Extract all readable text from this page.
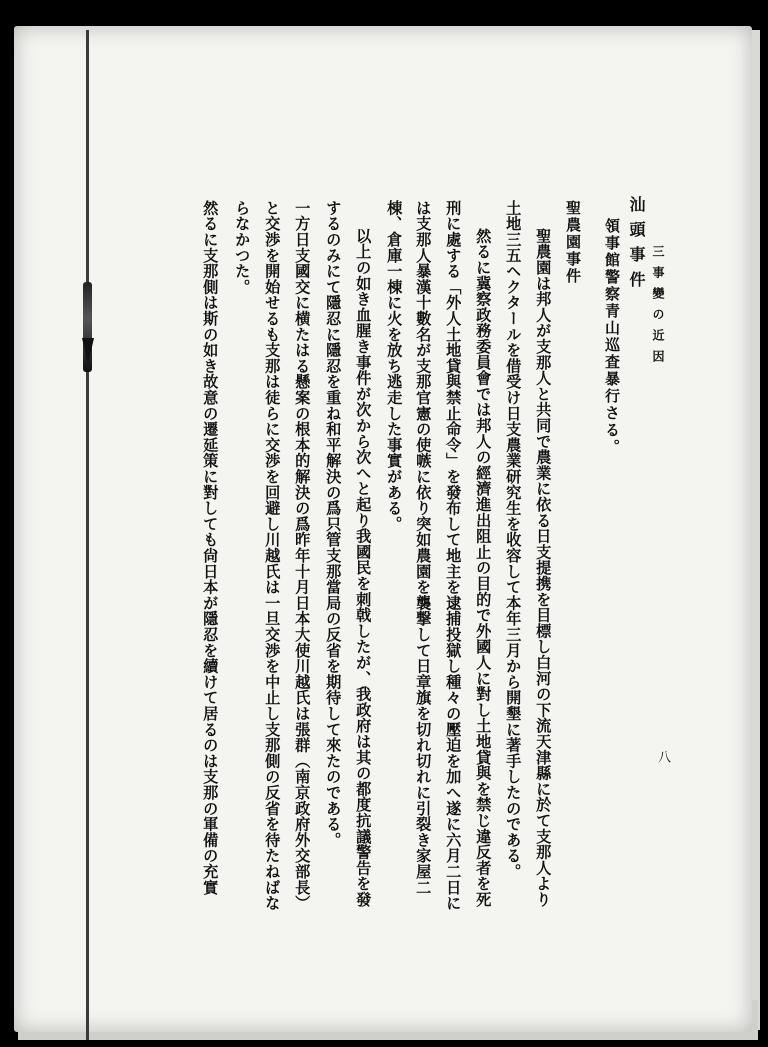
三事變の近因
八
汕頭事件
領事館警察青山巡査暴行さる。
聖農園事件
聖農園は邦人が支那人と共同で農業に依る日支提携を目標し白河の下流天津縣に於て支那人より
土地三五ヘクタールを借受け日支農業研究生を收容して本年三月から開墾に著手したのである。
然るに冀察政務委員會では邦人の經濟進出阻止の目的で外國人に對し土地貸與を禁じ違反者を死
刑に處する「外人土地貸與禁止命令」を發布して地主を逮捕投獄し種々の壓迫を加へ遂に六月二日に
は支那人暴漢十數名が支那官憲の使嗾に依り突如農園を襲撃して日章旗を切れ切れに引裂き家屋二
棟、倉庫一棟に火を放ち逃走した事實がある。
以上の如き血腥き事件が次から次へと起り我國民を刺戟したが、我政府は其の都度抗議警告を發
するのみにて隱忍に隱忍を重ね和平解決の爲只管支那當局の反省を期待して來たのである。
一方日支國交に横たはる懸案の根本的解決の爲昨年十月日本大使川越氏は張群（南京政府外交部長）
と交渉を開始せるも支那は徒らに交渉を回避し川越氏は一旦交渉を中止し支那側の反省を待たねばな
らなかつた。
然るに支那側は斯の如き故意の遷延策に對しても尙日本が隱忍を續けて居るのは支那の軍備の充實
